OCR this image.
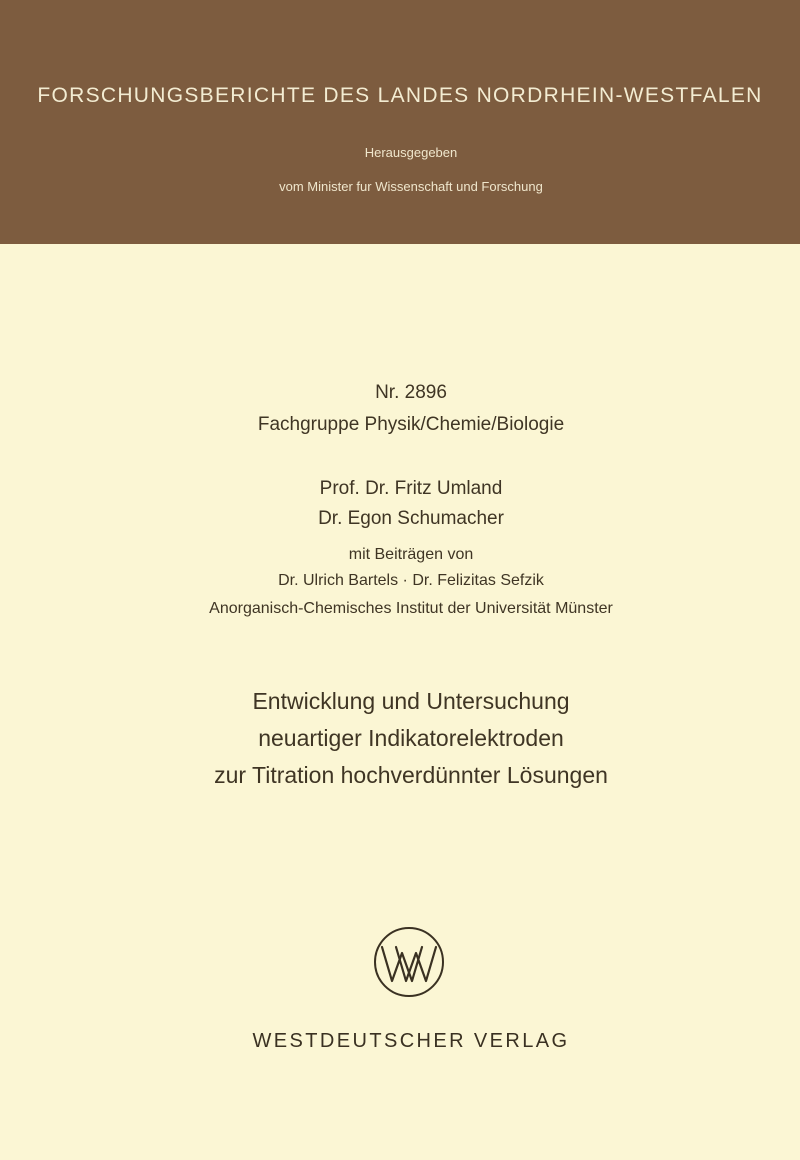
FORSCHUNGSBERICHTE DES LANDES NORDRHEIN-WESTFALEN
Herausgegeben
vom Minister fur Wissenschaft und Forschung
Nr. 2896
Fachgruppe Physik/Chemie/Biologie
Prof. Dr. Fritz Umland
Dr. Egon Schumacher
mit Beiträgen von
Dr. Ulrich Bartels · Dr. Felizitas Sefzik
Anorganisch-Chemisches Institut der Universität Münster
Entwicklung und Untersuchung
neuartiger Indikatorelektroden
zur Titration hochverdünnter Lösungen
WESTDEUTSCHER VERLAG
